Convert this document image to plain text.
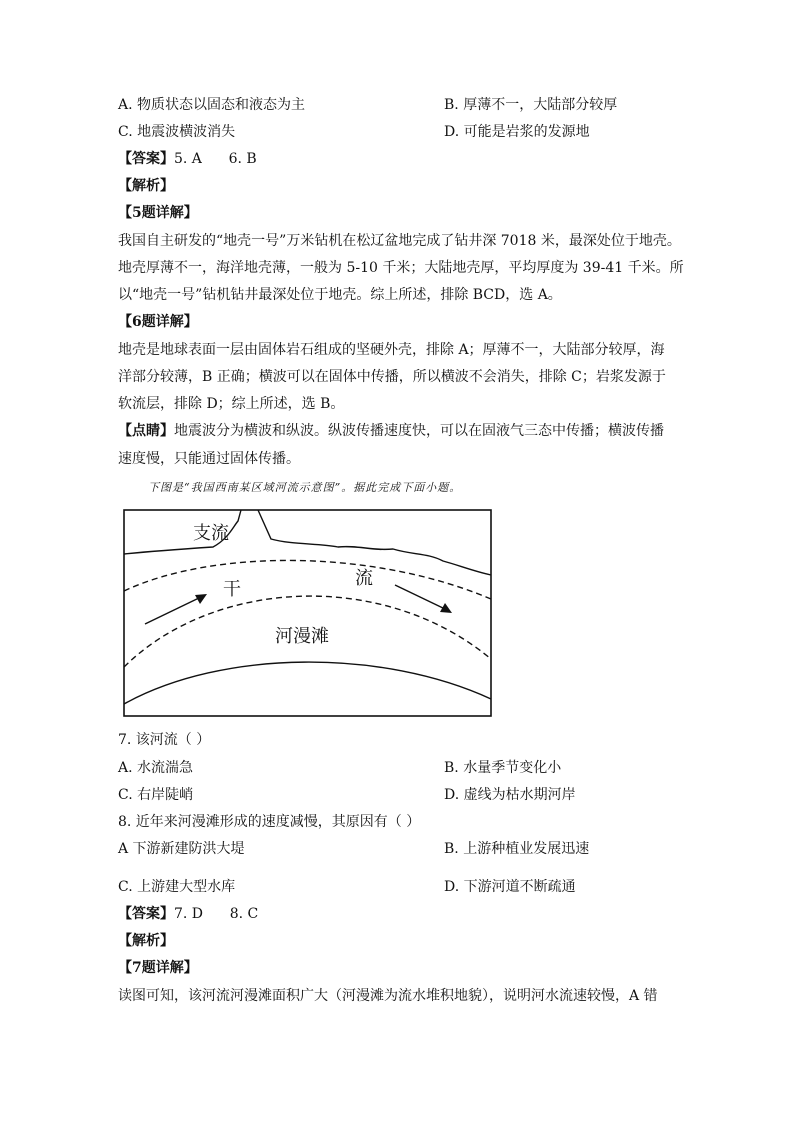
A. 物质状态以固态和液态为主	B. 厚薄不一，大陆部分较厚
C. 地震波横波消失	D. 可能是岩浆的发源地
【答案】5. A      6. B
【解析】
【5题详解】
我国自主研发的“地壳一号”万米钻机在松辽盆地完成了钻井深 7018 米，最深处位于地壳。
地壳厚薄不一，海洋地壳薄，一般为 5-10 千米；大陆地壳厚，平均厚度为 39-41 千米。所
以“地壳一号”钻机钻井最深处位于地壳。综上所述，排除 BCD，选 A。
【6题详解】
地壳是地球表面一层由固体岩石组成的坚硬外壳，排除 A；厚薄不一，大陆部分较厚，海
洋部分较薄，B 正确；横波可以在固体中传播，所以横波不会消失，排除 C；岩浆发源于
软流层，排除 D；综上所述，选 B。
【点睛】地震波分为横波和纵波。纵波传播速度快，可以在固液气三态中传播；横波传播
速度慢，只能通过固体传播。
下图是“我国西南某区域河流示意图”。据此完成下面小题。
支流
干
流
河漫滩
7. 该河流（ ）
A. 水流湍急	B. 水量季节变化小
C. 右岸陡峭	D. 虚线为枯水期河岸
8. 近年来河漫滩形成的速度减慢，其原因有（ ）
A 下游新建防洪大堤	B. 上游种植业发展迅速
C. 上游建大型水库	D. 下游河道不断疏通
【答案】7. D      8. C
【解析】
【7题详解】
读图可知，该河流河漫滩面积广大（河漫滩为流水堆积地貌），说明河水流速较慢，A 错
